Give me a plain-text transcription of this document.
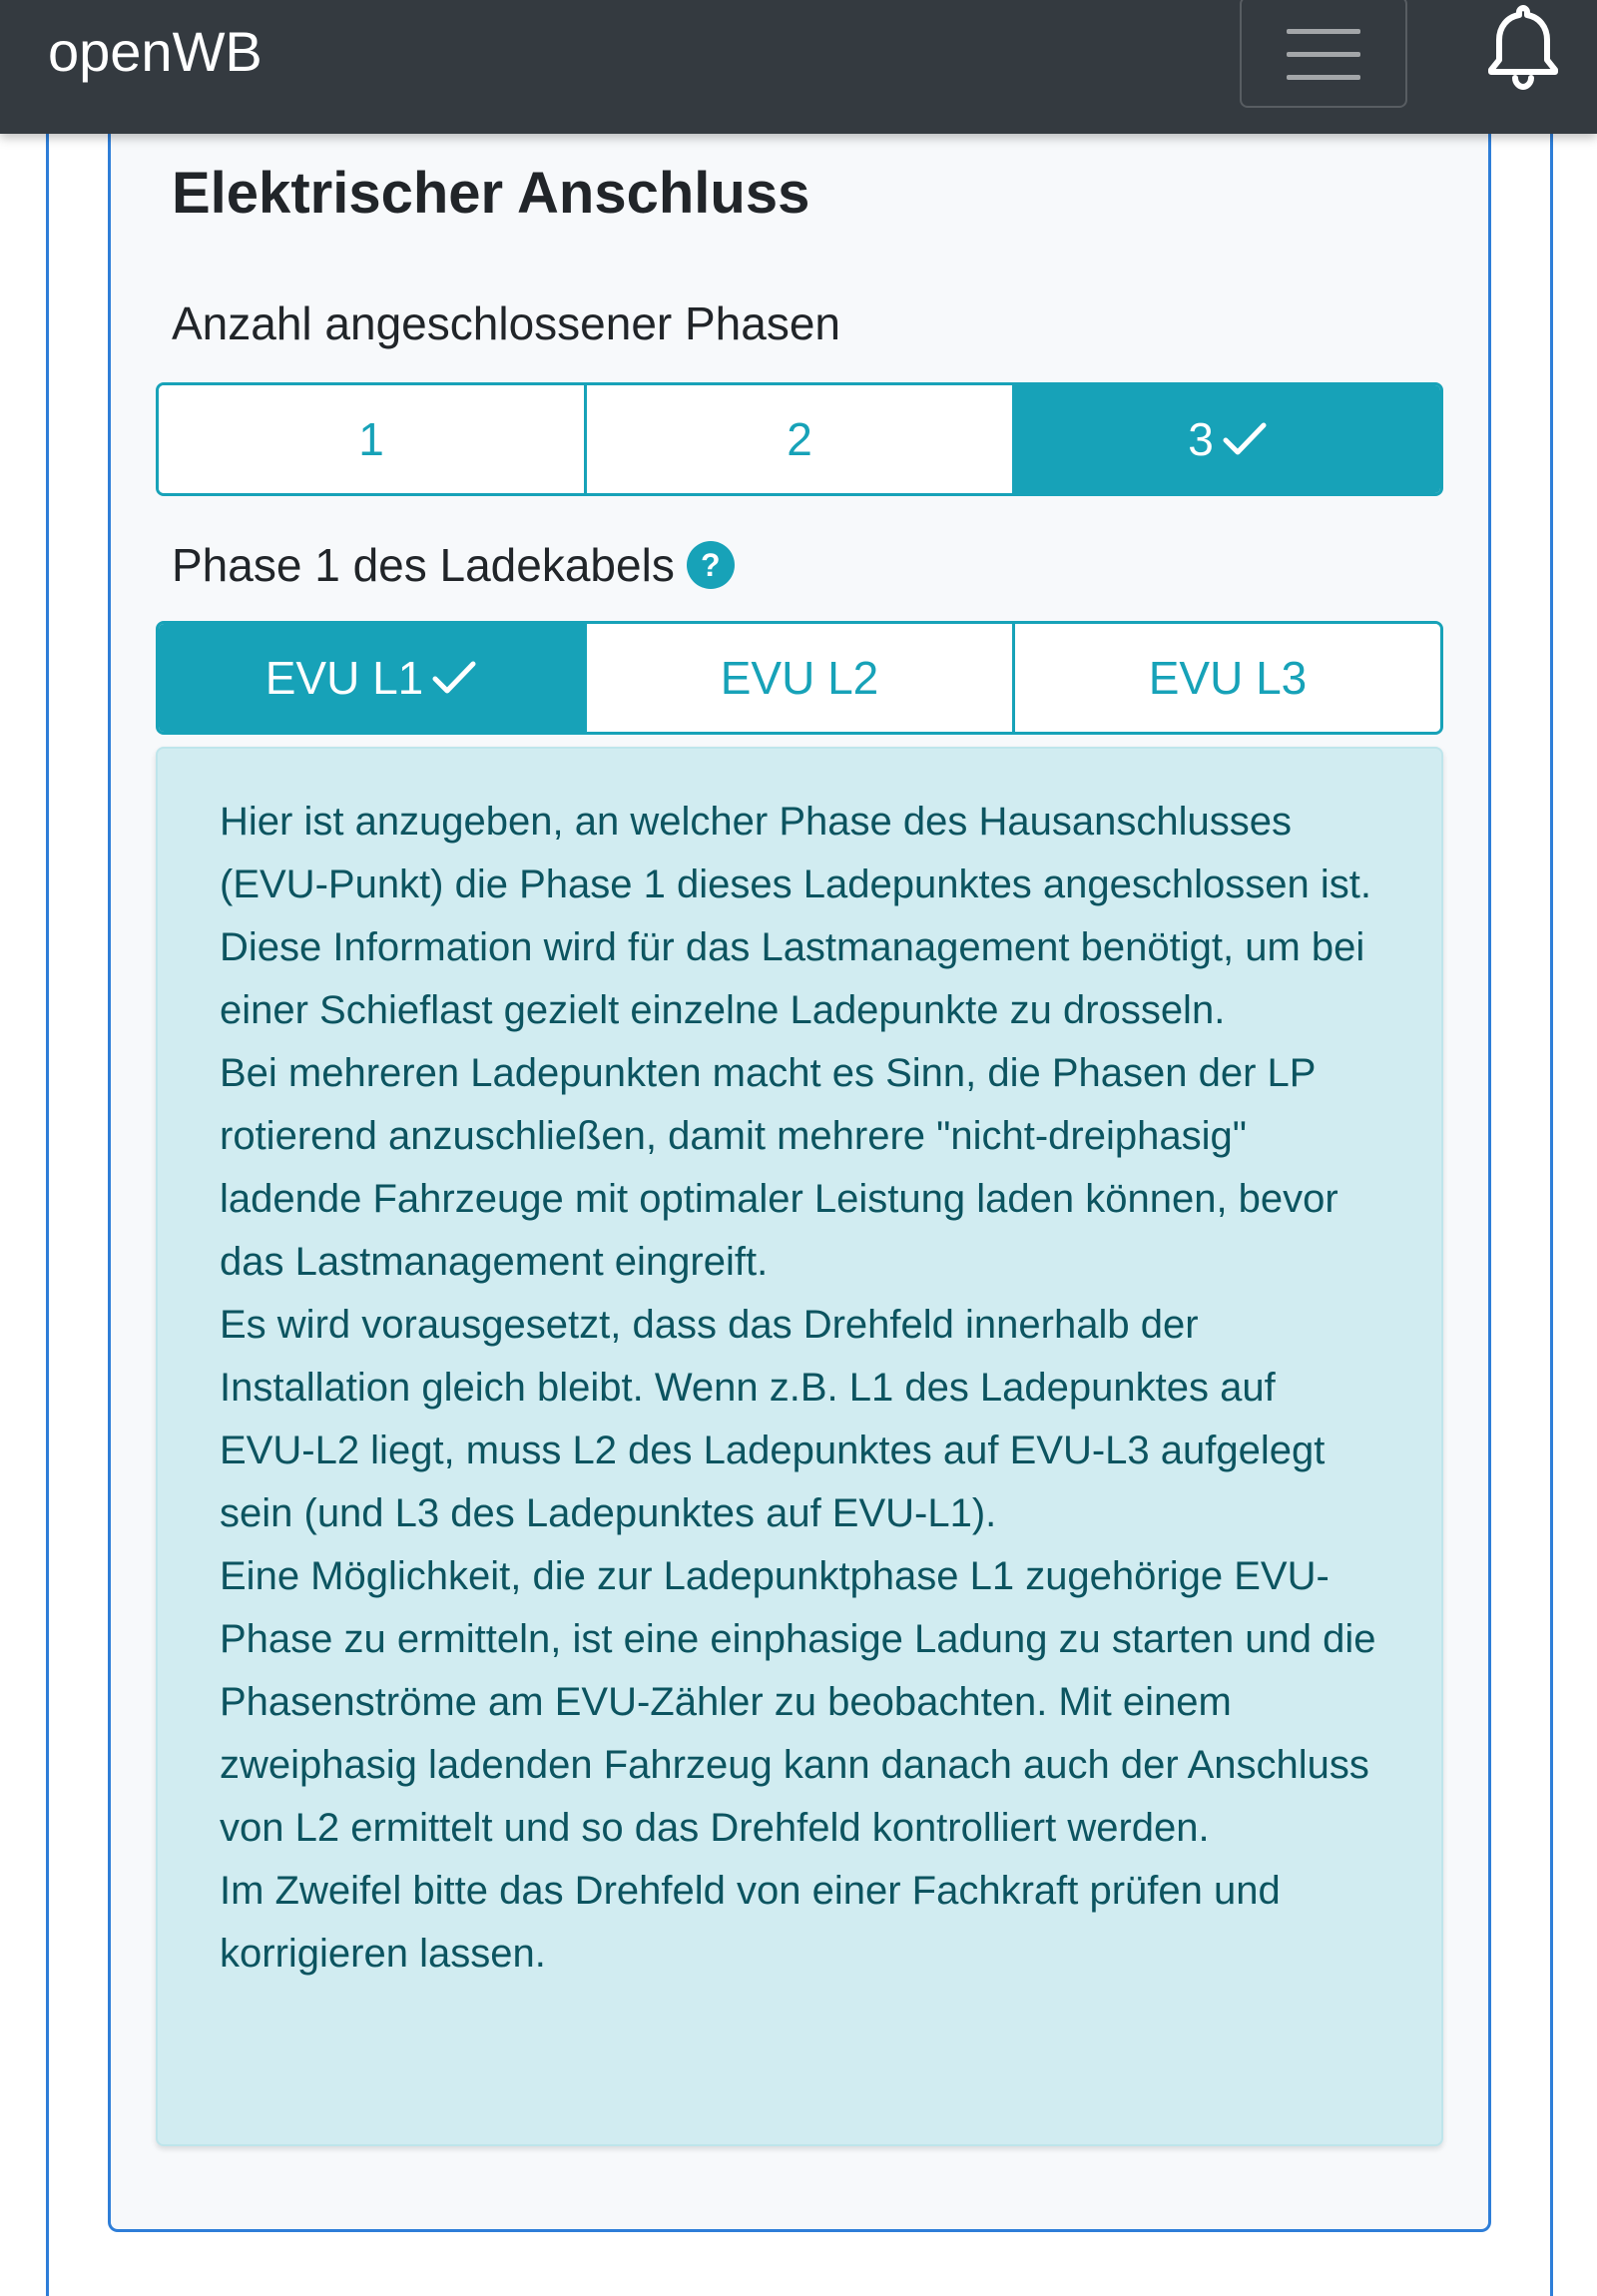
openWB
Elektrischer Anschluss
Anzahl angeschlossener Phasen
1	2	3
Phase 1 des Ladekabels ?
EVU L1	EVU L2	EVU L3

Hier ist anzugeben, an welcher Phase des Hausanschlusses (EVU-Punkt) die Phase 1 dieses Ladepunktes angeschlossen ist. Diese Information wird für das Lastmanagement benötigt, um bei einer Schieflast gezielt einzelne Ladepunkte zu drosseln.

Bei mehreren Ladepunkten macht es Sinn, die Phasen der LP rotierend anzuschließen, damit mehrere "nicht-dreiphasig" ladende Fahrzeuge mit optimaler Leistung laden können, bevor das Lastmanagement eingreift.

Es wird vorausgesetzt, dass das Drehfeld innerhalb der Installation gleich bleibt. Wenn z.B. L1 des Ladepunktes auf EVU-L2 liegt, muss L2 des Ladepunktes auf EVU-L3 aufgelegt sein (und L3 des Ladepunktes auf EVU-L1).

Eine Möglichkeit, die zur Ladepunktphase L1 zugehörige EVU-Phase zu ermitteln, ist eine einphasige Ladung zu starten und die Phasenströme am EVU-Zähler zu beobachten. Mit einem zweiphasig ladenden Fahrzeug kann danach auch der Anschluss von L2 ermittelt und so das Drehfeld kontrolliert werden.

Im Zweifel bitte das Drehfeld von einer Fachkraft prüfen und korrigieren lassen.
